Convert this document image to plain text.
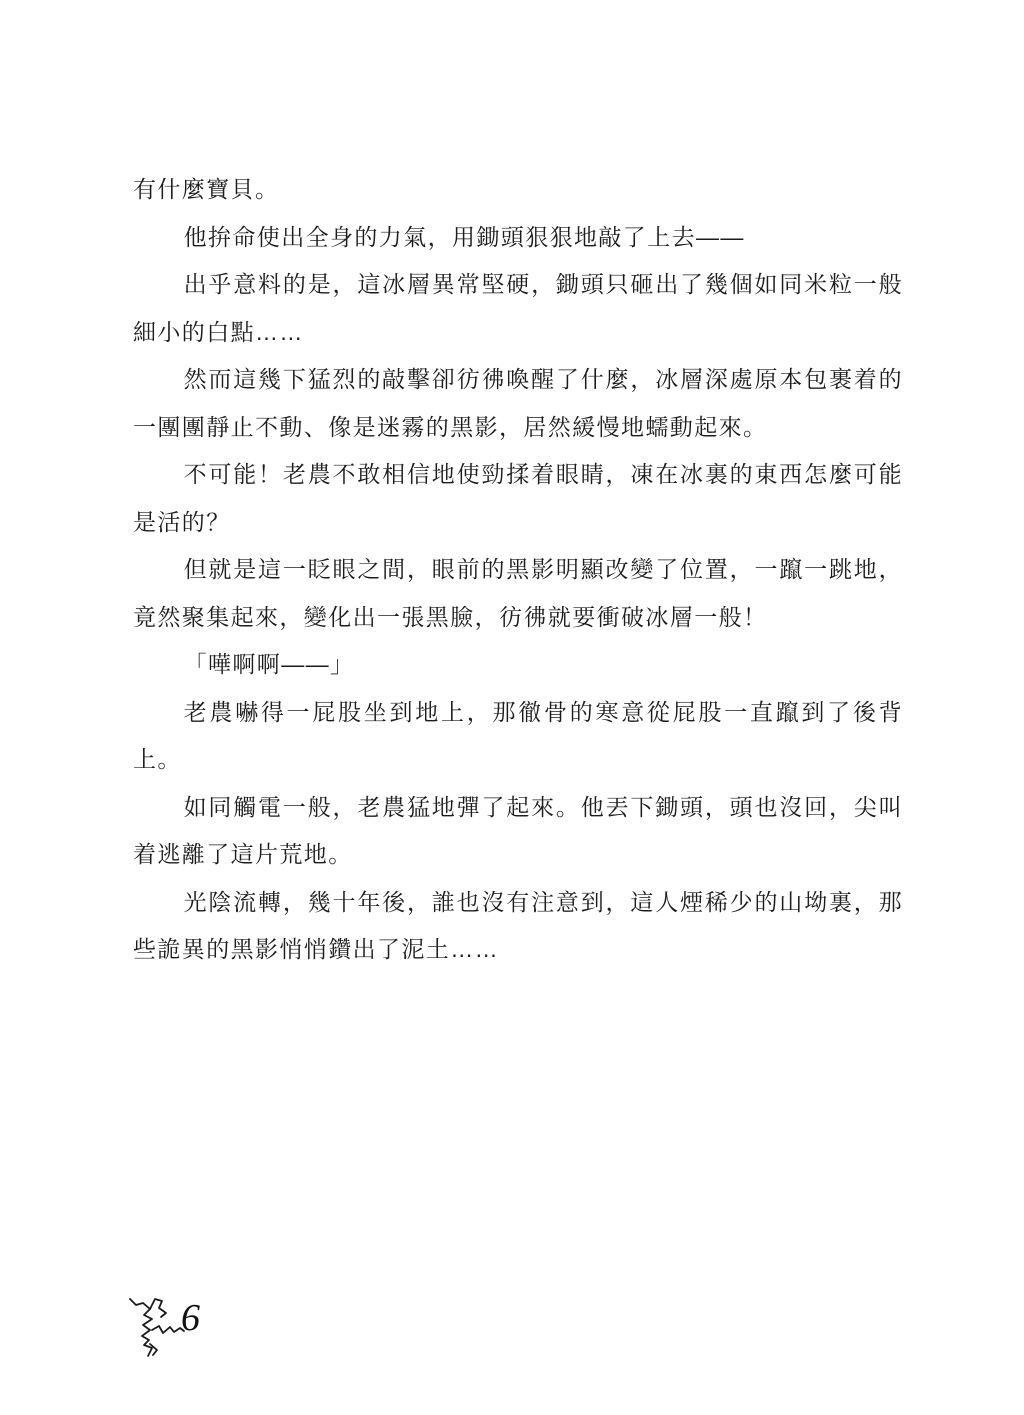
有什麼寶貝。

他拚命使出全身的力氣，用鋤頭狠狠地敲了上去——

出乎意料的是，這冰層異常堅硬，鋤頭只砸出了幾個如同米粒一般細小的白點……

然而這幾下猛烈的敲擊卻彷彿喚醒了什麼，冰層深處原本包裹着的一團團靜止不動、像是迷霧的黑影，居然緩慢地蠕動起來。

不可能！老農不敢相信地使勁揉着眼睛，凍在冰裏的東西怎麼可能是活的？

但就是這一眨眼之間，眼前的黑影明顯改變了位置，一躥一跳地，竟然聚集起來，變化出一張黑臉，彷彿就要衝破冰層一般！

「嘩啊啊——」

老農嚇得一屁股坐到地上，那徹骨的寒意從屁股一直躥到了後背上。

如同觸電一般，老農猛地彈了起來。他丟下鋤頭，頭也沒回，尖叫着逃離了這片荒地。

光陰流轉，幾十年後，誰也沒有注意到，這人煙稀少的山坳裏，那些詭異的黑影悄悄鑽出了泥土……

6
